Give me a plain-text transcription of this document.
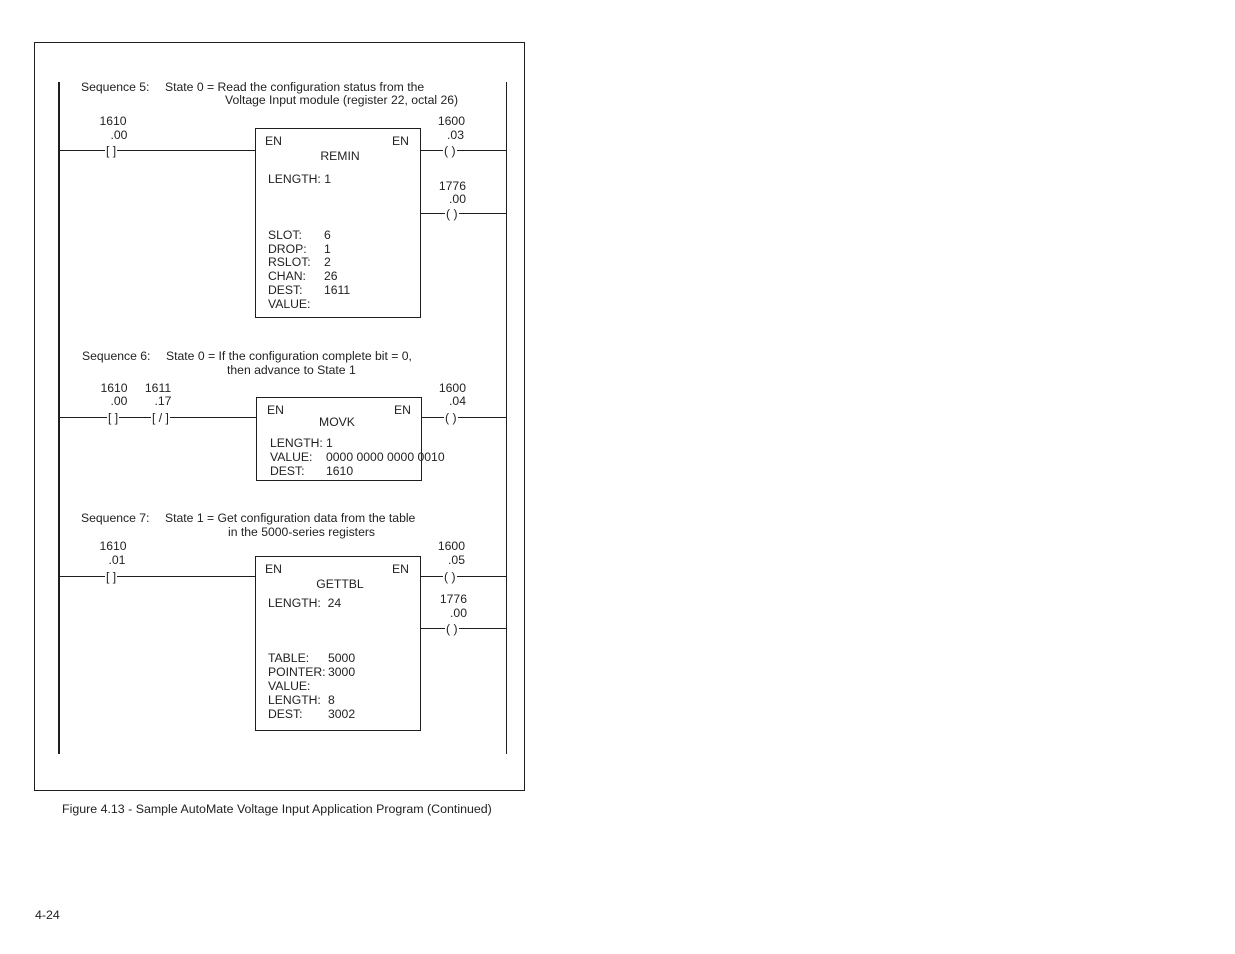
Sequence 5: State 0 = Read the configuration status from the
Voltage Input module (register 22, octal 26)
1610
.00
[ ]
EN	EN
REMIN
LENGTH: 1
SLOT: 6
DROP: 1
RSLOT: 2
CHAN: 26
DEST: 1611
VALUE:
1600
.03
( )
1776
.00
( )
Sequence 6: State 0 = If the configuration complete bit = 0,
then advance to State 1
1610
.00
1611
.17
[ ]	[ / ]
EN	EN
MOVK
LENGTH: 1
VALUE: 0000 0000 0000 0010
DEST: 1610
1600
.04
( )
Sequence 7: State 1 = Get configuration data from the table
in the 5000-series registers
1610
.01
[ ]
EN	EN
GETTBL
LENGTH:  24
TABLE: 5000
POINTER: 3000
VALUE:
LENGTH: 8
DEST: 3002
1600
.05
( )
1776
.00
( )
Figure 4.13 - Sample AutoMate Voltage Input Application Program (Continued)
4-24
